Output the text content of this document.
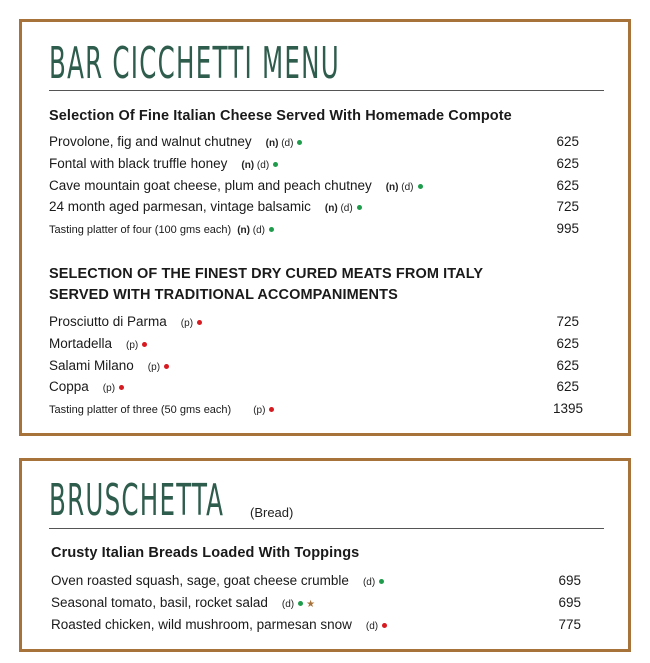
BAR CICCHETTI MENU
Selection Of Fine Italian Cheese Served With Homemade Compote
Provolone, fig and walnut chutney (n) (d)	625
Fontal with black truffle honey (n) (d)	625
Cave mountain goat cheese, plum and peach chutney (n) (d)	625
24 month aged parmesan, vintage balsamic (n) (d)	725
Tasting platter of four (100 gms each) (n) (d)	995
SELECTION OF THE FINEST DRY CURED MEATS FROM ITALY
SERVED WITH TRADITIONAL ACCOMPANIMENTS
Prosciutto di Parma (p)	725
Mortadella (p)	625
Salami Milano (p)	625
Coppa (p)	625
Tasting platter of three (50 gms each) (p)	1395
BRUSCHETTA (Bread)
Crusty Italian Breads Loaded With Toppings
Oven roasted squash, sage, goat cheese crumble (d)	695
Seasonal tomato, basil, rocket salad (d) ★	695
Roasted chicken, wild mushroom, parmesan snow (d)	775
